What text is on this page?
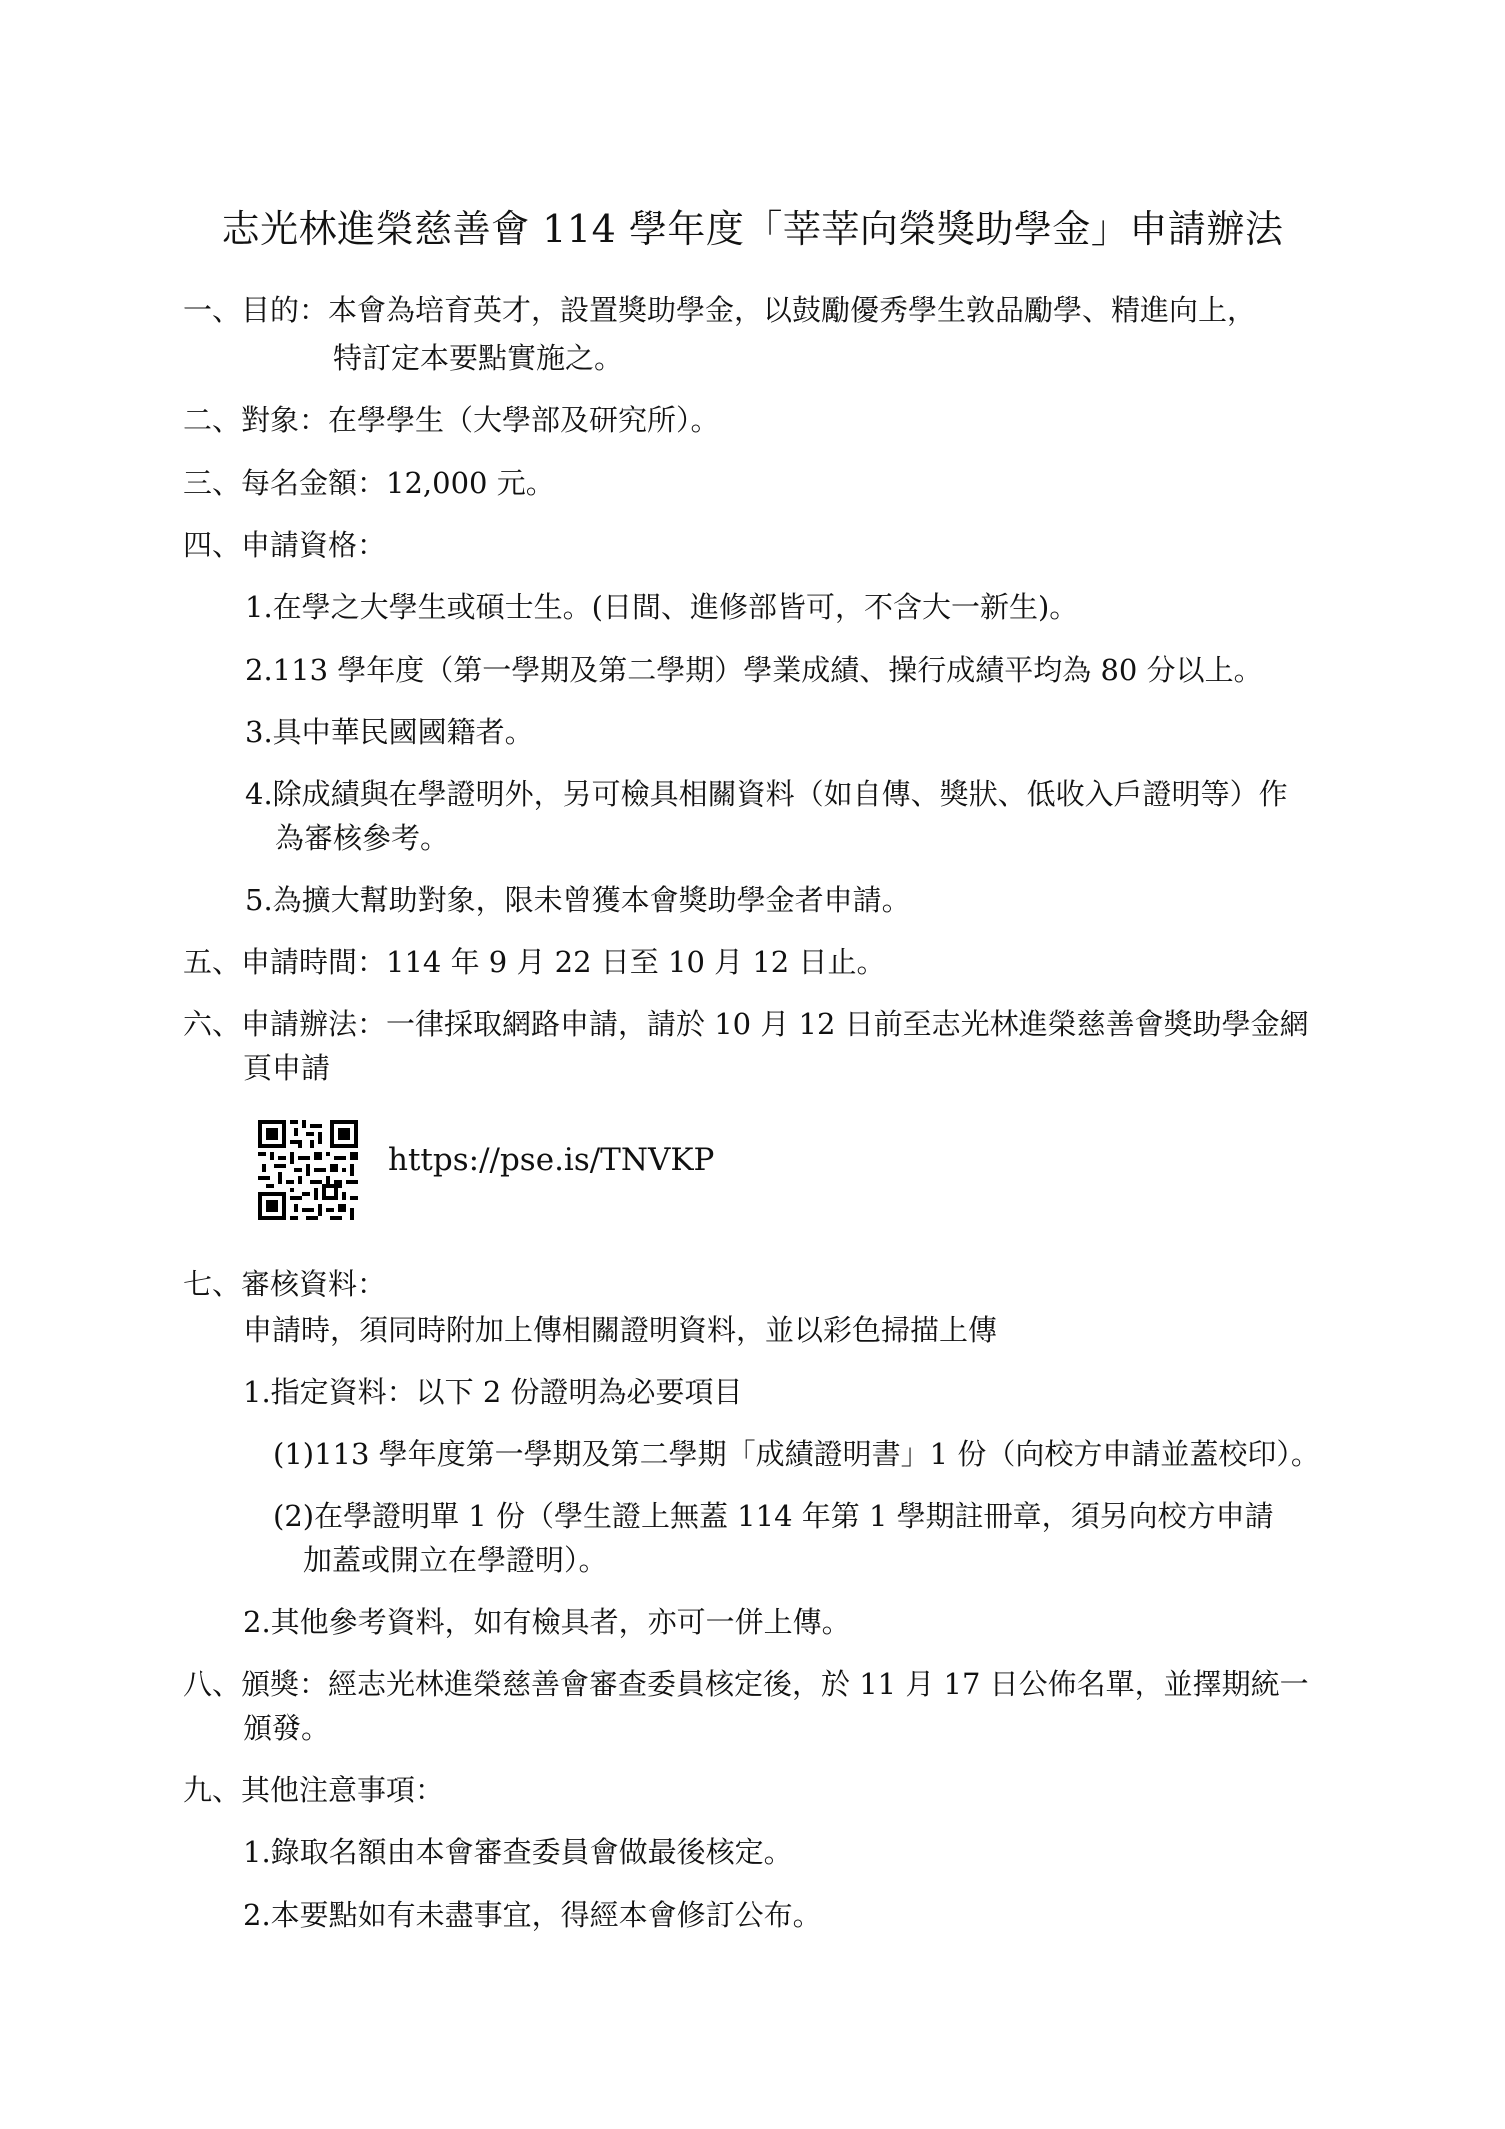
志光林進榮慈善會 114 學年度「莘莘向榮獎助學金」申請辦法
一、目的：本會為培育英才，設置獎助學金，以鼓勵優秀學生敦品勵學、精進向上，
特訂定本要點實施之。
二、對象：在學學生（大學部及研究所）。
三、每名金額：12,000 元。
四、申請資格：
1.在學之大學生或碩士生。(日間、進修部皆可，不含大一新生)。
2.113 學年度（第一學期及第二學期）學業成績、操行成績平均為 80 分以上。
3.具中華民國國籍者。
4.除成績與在學證明外，另可檢具相關資料（如自傳、獎狀、低收入戶證明等）作
為審核參考。
5.為擴大幫助對象，限未曾獲本會獎助學金者申請。
五、申請時間：114 年 9 月 22 日至 10 月 12 日止。
六、申請辦法：一律採取網路申請，請於 10 月 12 日前至志光林進榮慈善會獎助學金網
頁申請
https://pse.is/TNVKP
七、審核資料：
申請時，須同時附加上傳相關證明資料，並以彩色掃描上傳
1.指定資料：以下 2 份證明為必要項目
(1)113 學年度第一學期及第二學期「成績證明書」1 份（向校方申請並蓋校印）。
(2)在學證明單 1 份（學生證上無蓋 114 年第 1 學期註冊章，須另向校方申請
加蓋或開立在學證明）。
2.其他參考資料，如有檢具者，亦可一併上傳。
八、頒獎：經志光林進榮慈善會審查委員核定後，於 11 月 17 日公佈名單，並擇期統一
頒發。
九、其他注意事項：
1.錄取名額由本會審查委員會做最後核定。
2.本要點如有未盡事宜，得經本會修訂公布。
